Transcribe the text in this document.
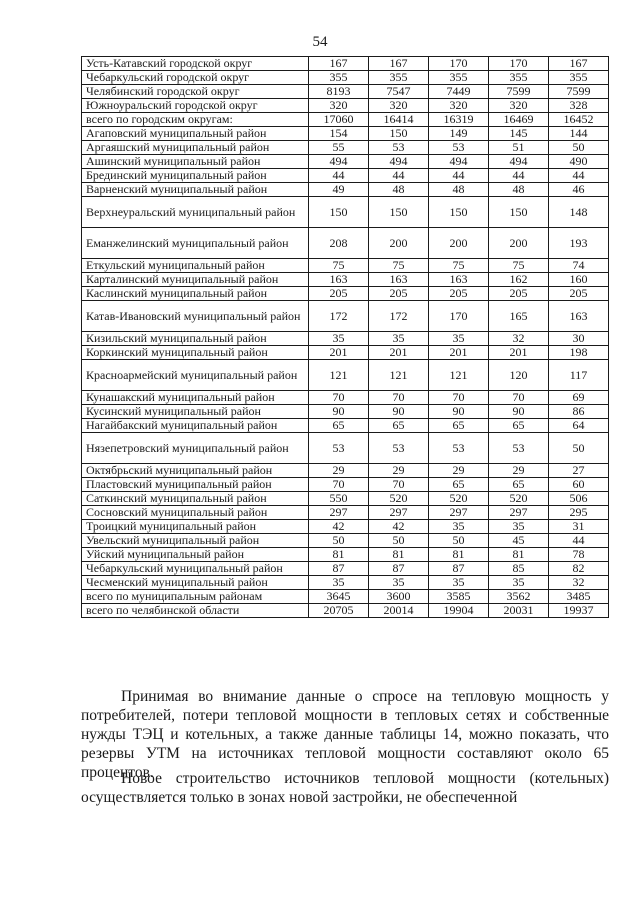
54
Усть-Катавский городской округ	167	167	170	170	167
Чебаркульский городской округ	355	355	355	355	355
Челябинский городской округ	8193	7547	7449	7599	7599
Южноуральский городской округ	320	320	320	320	328
всего по городским округам:	17060	16414	16319	16469	16452
Агаповский муниципальный район	154	150	149	145	144
Аргаяшский муниципальный район	55	53	53	51	50
Ашинский муниципальный район	494	494	494	494	490
Брединский муниципальный район	44	44	44	44	44
Варненский муниципальный район	49	48	48	48	46
Верхнеуральский муниципальный район	150	150	150	150	148
Еманжелинский муниципальный район	208	200	200	200	193
Еткульский муниципальный район	75	75	75	75	74
Карталинский муниципальный район	163	163	163	162	160
Каслинский муниципальный район	205	205	205	205	205
Катав-Ивановский муниципальный район	172	172	170	165	163
Кизильский муниципальный район	35	35	35	32	30
Коркинский муниципальный район	201	201	201	201	198
Красноармейский муниципальный район	121	121	121	120	117
Кунашакский муниципальный район	70	70	70	70	69
Кусинский муниципальный район	90	90	90	90	86
Нагайбакский муниципальный район	65	65	65	65	64
Нязепетровский муниципальный район	53	53	53	53	50
Октябрьский муниципальный район	29	29	29	29	27
Пластовский муниципальный район	70	70	65	65	60
Саткинский муниципальный район	550	520	520	520	506
Сосновский муниципальный район	297	297	297	297	295
Троицкий муниципальный район	42	42	35	35	31
Увельский муниципальный район	50	50	50	45	44
Уйский муниципальный район	81	81	81	81	78
Чебаркульский муниципальный район	87	87	87	85	82
Чесменский муниципальный район	35	35	35	35	32
всего по муниципальным районам	3645	3600	3585	3562	3485
всего по челябинской области	20705	20014	19904	20031	19937

Принимая во внимание данные о спросе на тепловую мощность у потребителей, потери тепловой мощности в тепловых сетях и собственные нужды ТЭЦ и котельных, а также данные таблицы 14, можно показать, что резервы УТМ на источниках тепловой мощности составляют около 65 процентов.

Новое строительство источников тепловой мощности (котельных) осуществляется только в зонах новой застройки, не обеспеченной
